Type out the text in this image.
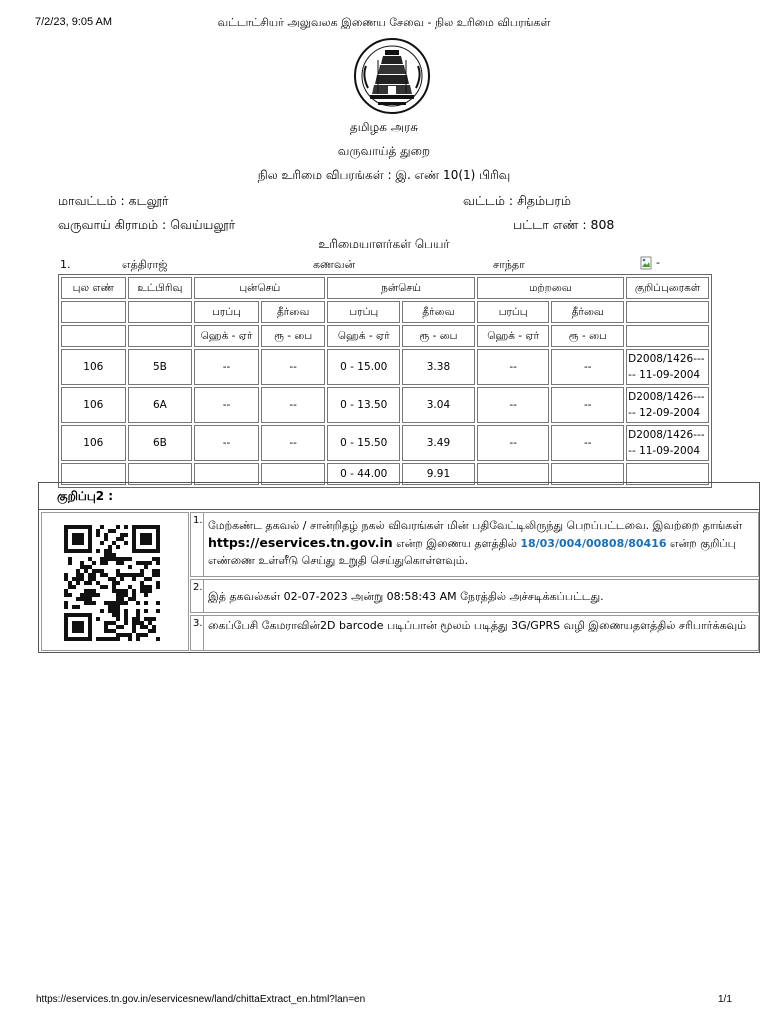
7/2/23, 9:05 AM	வட்டாட்சியர் அலுவலக இணைய சேவை - நில உரிமை விபரங்கள்
தமிழக அரசு
வருவாய்த் துறை
நில உரிமை விபரங்கள் : இ. எண் 10(1) பிரிவு
மாவட்டம் : கடலூர்	வட்டம் : சிதம்பரம்
வருவாய் கிராமம் : வெய்யலூர்	பட்டா எண் : 808
உரிமையாளர்கள் பெயர்
1.	எத்திராஜ்	கணவன்	சாந்தா	-
புல எண்	உட்பிரிவு	புன்செய்		நன்செய்		மற்றவை		குறிப்புரைகள்
		பரப்பு	தீர்வை	பரப்பு	தீர்வை	பரப்பு	தீர்வை	
		ஹெக் - ஏர்	ரூ - பை	ஹெக் - ஏர்	ரூ - பை	ஹெக் - ஏர்	ரூ - பை	
106	5B	--	--	0 - 15.00	3.38	--	--	D2008/1426--- -- 11-09-2004
106	6A	--	--	0 - 13.50	3.04	--	--	D2008/1426--- -- 12-09-2004
106	6B	--	--	0 - 15.50	3.49	--	--	D2008/1426--- -- 11-09-2004
				0 - 44.00	9.91			
குறிப்பு2 :
1. மேற்கண்ட தகவல் / சான்றிதழ் நகல் விவரங்கள் மின் பதிவேட்டிலிருந்து பெறப்பட்டவை. இவற்றை தாங்கள் https://eservices.tn.gov.in என்ற இணைய தளத்தில் 18/03/004/00808/80416 என்ற குறிப்பு எண்ணை உள்ளீடு செய்து உறுதி செய்துகொள்ளவும்.
2.
இத் தகவல்கள் 02-07-2023 அன்று 08:58:43 AM நேரத்தில் அச்சடிக்கப்பட்டது.
3. கைப்பேசி கேமராவின்2D barcode படிப்பான் மூலம் படித்து 3G/GPRS வழி இணையதளத்தில் சரிபார்க்கவும்
https://eservices.tn.gov.in/eservicesnew/land/chittaExtract_en.html?lan=en	1/1
